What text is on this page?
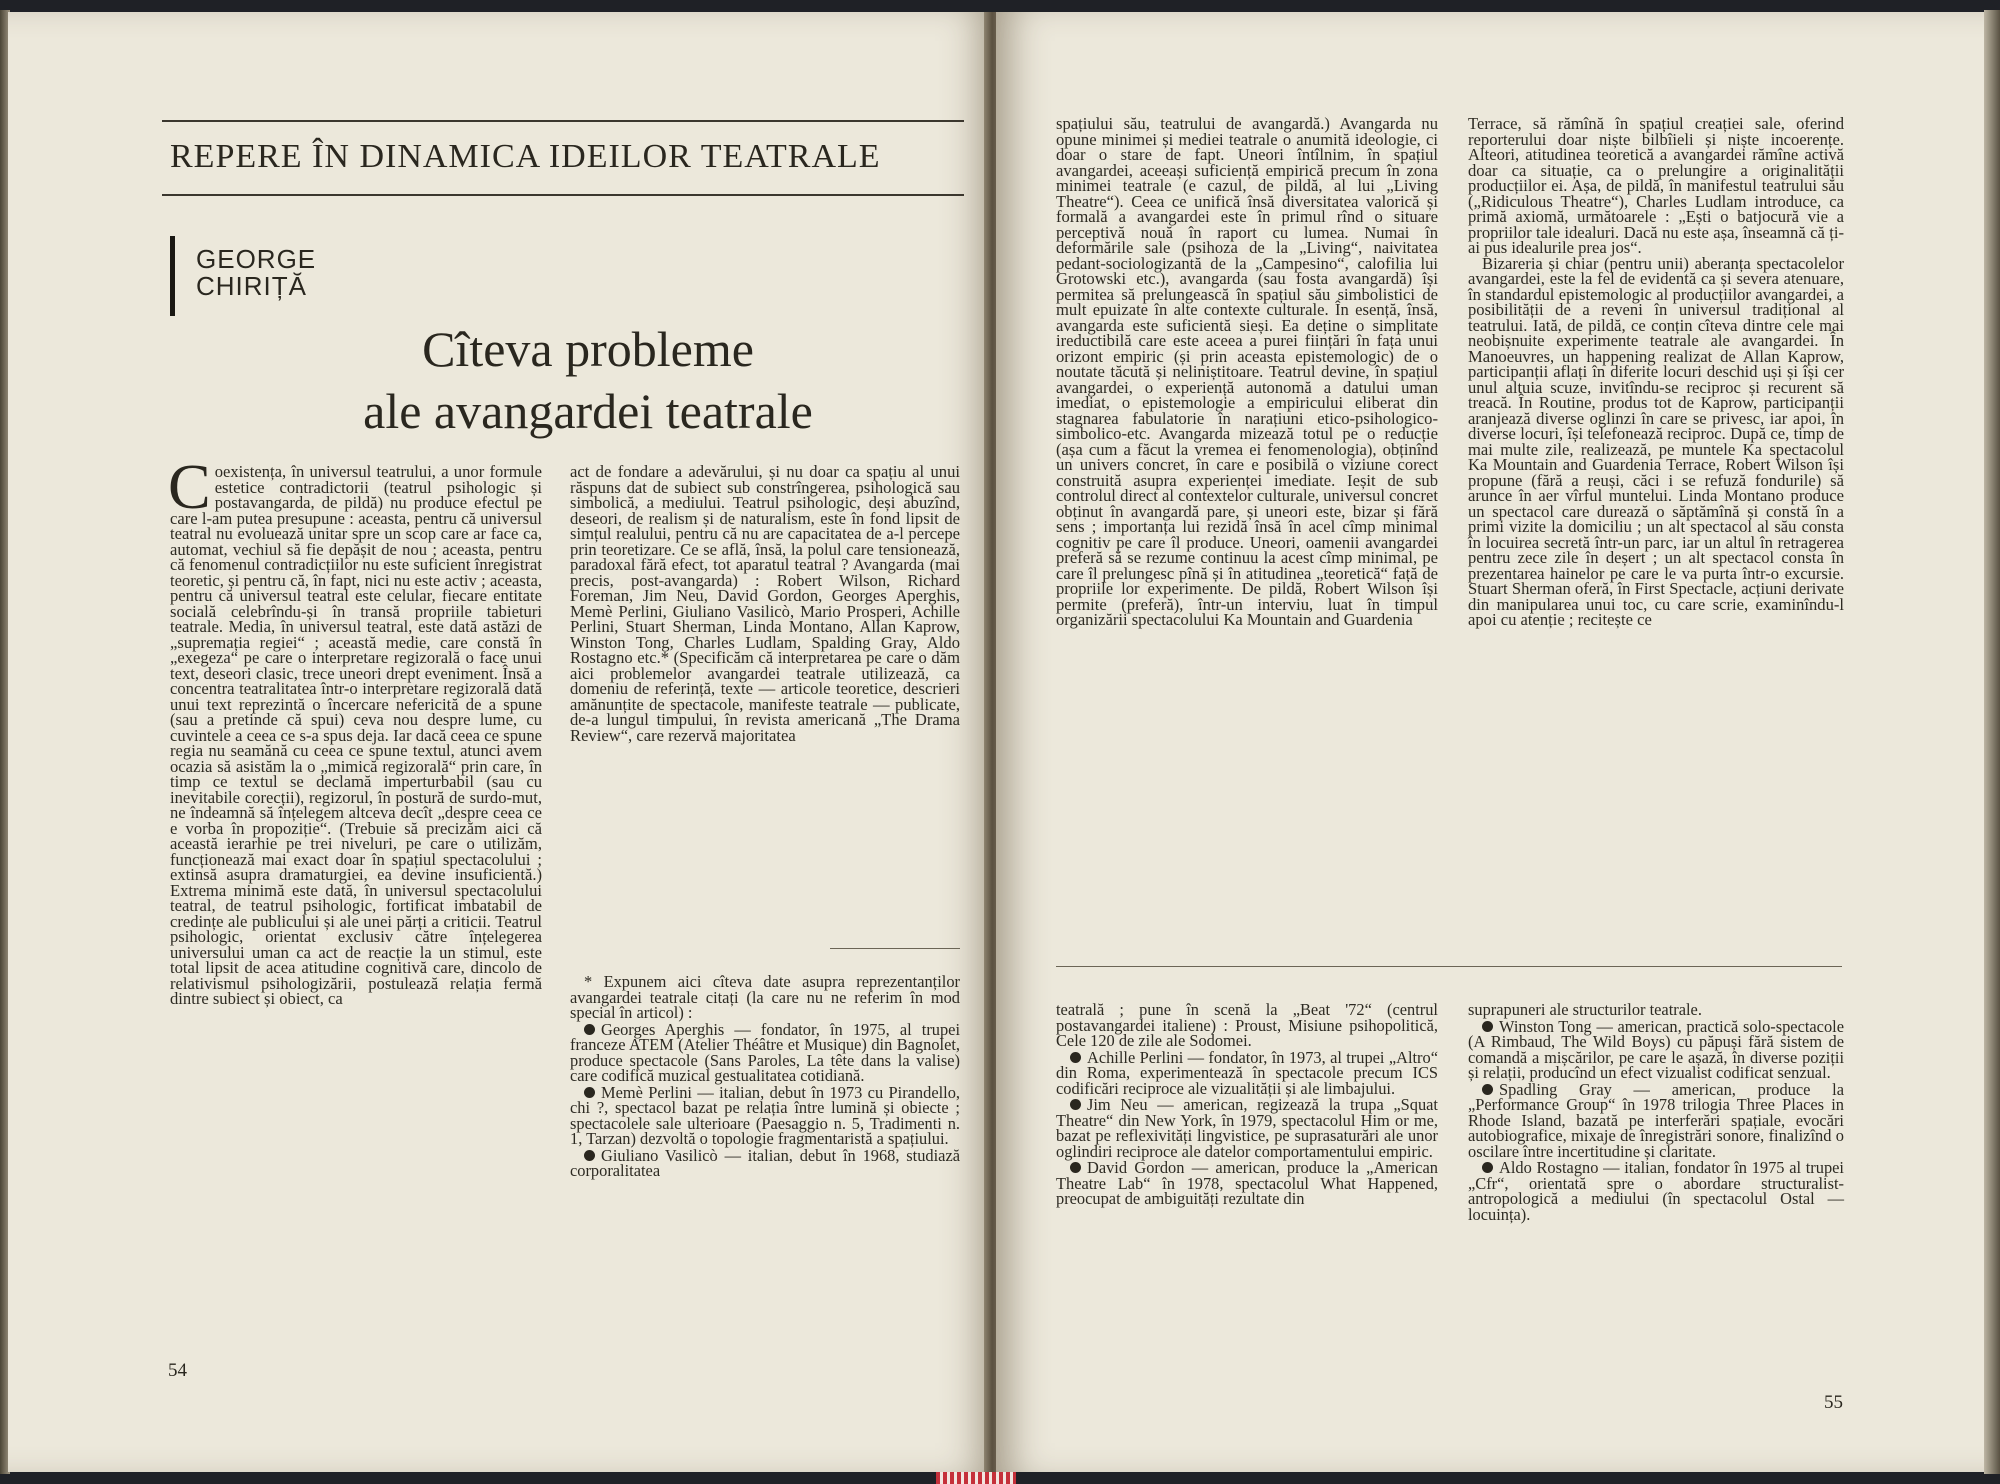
REPERE ÎN DINAMICA IDEILOR TEATRALE
GEORGE
CHIRIȚĂ
Cîteva probleme
ale avangardei teatrale

Coexistența, în universul teatrului, a unor formule estetice contradictorii (teatrul psihologic și postavangarda, de pildă) nu produce efectul pe care l-am putea presupune : aceasta, pentru că universul teatral nu evoluează unitar spre un scop care ar face ca, automat, vechiul să fie depășit de nou ; aceasta, pentru că fenomenul contradicțiilor nu este suficient înregistrat teoretic, și pentru că, în fapt, nici nu este activ ; aceasta, pentru că universul teatral este celular, fiecare entitate socială celebrîndu-și în transă propriile tabieturi teatrale. Media, în universul teatral, este dată astăzi de „supremația regiei“ ; această medie, care constă în „exegeza“ pe care o interpretare regizorală o face unui text, deseori clasic, trece uneori drept eveniment. Însă a concentra teatralitatea într-o interpretare regizorală dată unui text reprezintă o încercare nefericită de a spune (sau a pretinde că spui) ceva nou despre lume, cu cuvintele a ceea ce s-a spus deja. Iar dacă ceea ce spune regia nu seamănă cu ceea ce spune textul, atunci avem ocazia să asistăm la o „mimică regizorală“ prin care, în timp ce textul se declamă imperturbabil (sau cu inevitabile corecții), regizorul, în postură de surdo-mut, ne îndeamnă să înțelegem altceva decît „despre ceea ce e vorba în propoziție“. (Trebuie să precizăm aici că această ierarhie pe trei niveluri, pe care o utilizăm, funcționează mai exact doar în spațiul spectacolului ; extinsă asupra dramaturgiei, ea devine insuficientă.) Extrema minimă este dată, în universul spectacolului teatral, de teatrul psihologic, fortificat imbatabil de credințe ale publicului și ale unei părți a criticii. Teatrul psihologic, orientat exclusiv către înțelegerea universului uman ca act de reacție la un stimul, este total lipsit de acea atitudine cognitivă care, dincolo de relativismul psihologizării, postulează relația fermă dintre subiect și obiect, ca

act de fondare a adevărului, și nu doar ca spațiu al unui răspuns dat de subiect sub constrîngerea, psihologică sau simbolică, a mediului. Teatrul psihologic, deși abuzînd, deseori, de realism și de naturalism, este în fond lipsit de simțul realului, pentru că nu are capacitatea de a-l percepe prin teoretizare. Ce se află, însă, la polul care tensionează, paradoxal fără efect, tot aparatul teatral ? Avangarda (mai precis, post-avangarda) : Robert Wilson, Richard Foreman, Jim Neu, David Gordon, Georges Aperghis, Memè Perlini, Giuliano Vasilicò, Mario Prosperi, Achille Perlini, Stuart Sherman, Linda Montano, Allan Kaprow, Winston Tong, Charles Ludlam, Spalding Gray, Aldo Rostagno etc.* (Specificăm că interpretarea pe care o dăm aici problemelor avangardei teatrale utilizează, ca domeniu de referință, texte — articole teoretice, descrieri amănunțite de spectacole, manifeste teatrale — publicate, de-a lungul timpului, în revista americană „The Drama Review“, care rezervă majoritatea

* Expunem aici cîteva date asupra reprezentanților avangardei teatrale citați (la care nu ne referim în mod special în articol) :

Georges Aperghis — fondator, în 1975, al trupei franceze ATEM (Atelier Théâtre et Musique) din Bagnolet, produce spectacole (Sans Paroles, La tête dans la valise) care codifică muzical gestualitatea cotidiană.

Memè Perlini — italian, debut în 1973 cu Pirandello, chi ?, spectacol bazat pe relația între lumină și obiecte ; spectacolele sale ulterioare (Paesaggio n. 5, Tradimenti n. 1, Tarzan) dezvoltă o topologie fragmentaristă a spațiului.

Giuliano Vasilicò — italian, debut în 1968, studiază corporalitatea

54

spațiului său, teatrului de avangardă.) Avangarda nu opune minimei și mediei teatrale o anumită ideologie, ci doar o stare de fapt. Uneori întîlnim, în spațiul avangardei, aceeași suficiență empirică precum în zona minimei teatrale (e cazul, de pildă, al lui „Living Theatre“). Ceea ce unifică însă diversitatea valorică și formală a avangardei este în primul rînd o situare perceptivă nouă în raport cu lumea. Numai în deformările sale (psihoza de la „Living“, naivitatea pedant-sociologizantă de la „Campesino“, calofilia lui Grotowski etc.), avangarda (sau fosta avangardă) își permitea să prelungească în spațiul său simbolistici de mult epuizate în alte contexte culturale. În esență, însă, avangarda este suficientă sieși. Ea deține o simplitate ireductibilă care este aceea a purei ființări în fața unui orizont empiric (și prin aceasta epistemologic) de o noutate tăcută și neliniștitoare. Teatrul devine, în spațiul avangardei, o experiență autonomă a datului uman imediat, o epistemologie a empiricului eliberat din stagnarea fabulatorie în narațiuni etico-psihologico-simbolico-etc. Avangarda mizează totul pe o reducție (așa cum a făcut la vremea ei fenomenologia), obținînd un univers concret, în care e posibilă o viziune corect construită asupra experienței imediate. Ieșit de sub controlul direct al contextelor culturale, universul concret obținut în avangardă pare, și uneori este, bizar și fără sens ; importanța lui rezidă însă în acel cîmp minimal cognitiv pe care îl produce. Uneori, oamenii avangardei preferă să se rezume continuu la acest cîmp minimal, pe care îl prelungesc pînă și în atitudinea „teoretică“ față de propriile lor experimente. De pildă, Robert Wilson își permite (preferă), într-un interviu, luat în timpul organizării spectacolului Ka Mountain and Guardenia

Terrace, să rămînă în spațiul creației sale, oferind reporterului doar niște bilbîieli și niște incoerențe. Alteori, atitudinea teoretică a avangardei rămîne activă doar ca situație, ca o prelungire a originalității producțiilor ei. Așa, de pildă, în manifestul teatrului său („Ridiculous Theatre“), Charles Ludlam introduce, ca primă axiomă, următoarele : „Ești o batjocură vie a propriilor tale idealuri. Dacă nu este așa, înseamnă că ți-ai pus idealurile prea jos“.

Bizareria și chiar (pentru unii) aberanța spectacolelor avangardei, este la fel de evidentă ca și severa atenuare, în standardul epistemologic al producțiilor avangardei, a posibilității de a reveni în universul tradițional al teatrului. Iată, de pildă, ce conțin cîteva dintre cele mai neobișnuite experimente teatrale ale avangardei. În Manoeuvres, un happening realizat de Allan Kaprow, participanții aflați în diferite locuri deschid uși și își cer unul altuia scuze, invitîndu-se reciproc și recurent să treacă. În Routine, produs tot de Kaprow, participanții aranjează diverse oglinzi în care se privesc, iar apoi, în diverse locuri, își telefonează reciproc. După ce, timp de mai multe zile, realizează, pe muntele Ka spectacolul Ka Mountain and Guardenia Terrace, Robert Wilson își propune (fără a reuși, căci i se refuză fondurile) să arunce în aer vîrful muntelui. Linda Montano produce un spectacol care durează o săptămînă și constă în a primi vizite la domiciliu ; un alt spectacol al său consta în locuirea secretă într-un parc, iar un altul în retragerea pentru zece zile în deșert ; un alt spectacol consta în prezentarea hainelor pe care le va purta într-o excursie. Stuart Sherman oferă, în First Spectacle, acțiuni derivate din manipularea unui toc, cu care scrie, examinîndu-l apoi cu atenție ; recitește ce

teatrală ; pune în scenă la „Beat '72“ (centrul postavangardei italiene) : Proust, Misiune psihopolitică, Cele 120 de zile ale Sodomei.

Achille Perlini — fondator, în 1973, al trupei „Altro“ din Roma, experimentează în spectacole precum ICS codificări reciproce ale vizualității și ale limbajului.

Jim Neu — american, regizează la trupa „Squat Theatre“ din New York, în 1979, spectacolul Him or me, bazat pe reflexivități lingvistice, pe suprasaturări ale unor oglindiri reciproce ale datelor comportamentului empiric.

David Gordon — american, produce la „American Theatre Lab“ în 1978, spectacolul What Happened, preocupat de ambiguități rezultate din

suprapuneri ale structurilor teatrale.

Winston Tong — american, practică solo-spectacole (A Rimbaud, The Wild Boys) cu păpuși fără sistem de comandă a mișcărilor, pe care le așază, în diverse poziții și relații, producînd un efect vizualist codificat senzual.

Spadling Gray — american, produce la „Performance Group“ în 1978 trilogia Three Places in Rhode Island, bazată pe interferări spațiale, evocări autobiografice, mixaje de înregistrări sonore, finalizînd o oscilare între incertitudine și claritate.

Aldo Rostagno — italian, fondator în 1975 al trupei „Cfr“, orientată spre o abordare structuralist-antropologică a mediului (în spectacolul Ostal — locuința).

55
